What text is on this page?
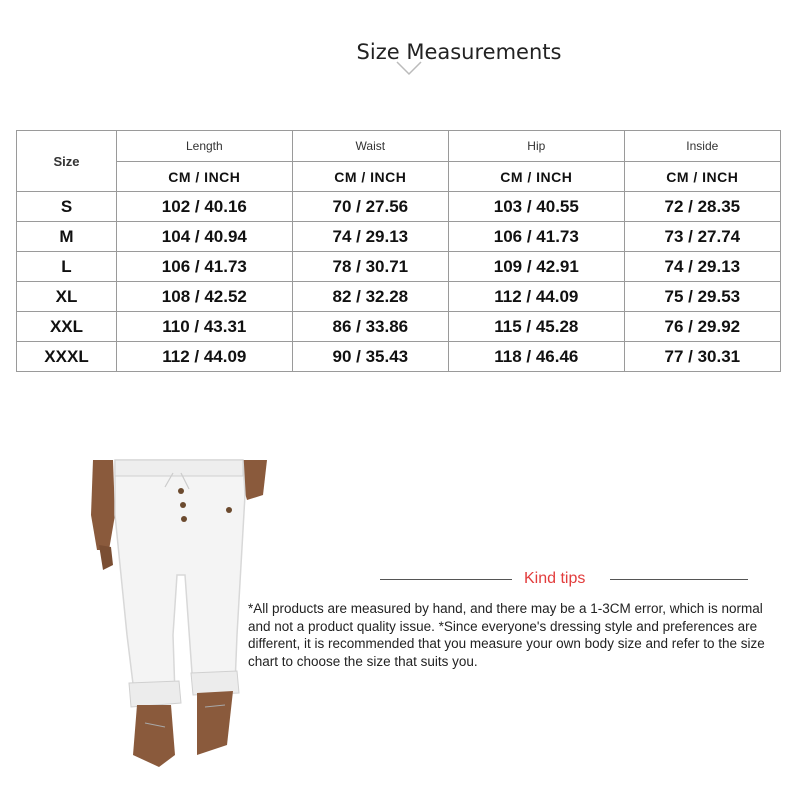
Size Measurements
Size	Length	Waist	Hip	Inside
	CM / INCH	CM / INCH	CM / INCH	CM / INCH
S	102 / 40.16	70 / 27.56	103 / 40.55	72 / 28.35
M	104 / 40.94	74 / 29.13	106 / 41.73	73 / 27.74
L	106 / 41.73	78 / 30.71	109 / 42.91	74 / 29.13
XL	108 / 42.52	82 / 32.28	112 / 44.09	75 / 29.53
XXL	110 / 43.31	86 / 33.86	115 / 45.28	76 / 29.92
XXXL	112 / 44.09	90 / 35.43	118 / 46.46	77 / 30.31
Kind tips
*All products are measured by hand, and there may be a 1-3CM error, which is normal and not a product quality issue. *Since everyone's dressing style and preferences are different, it is recommended that you measure your own body size and refer to the size chart to choose the size that suits you.
